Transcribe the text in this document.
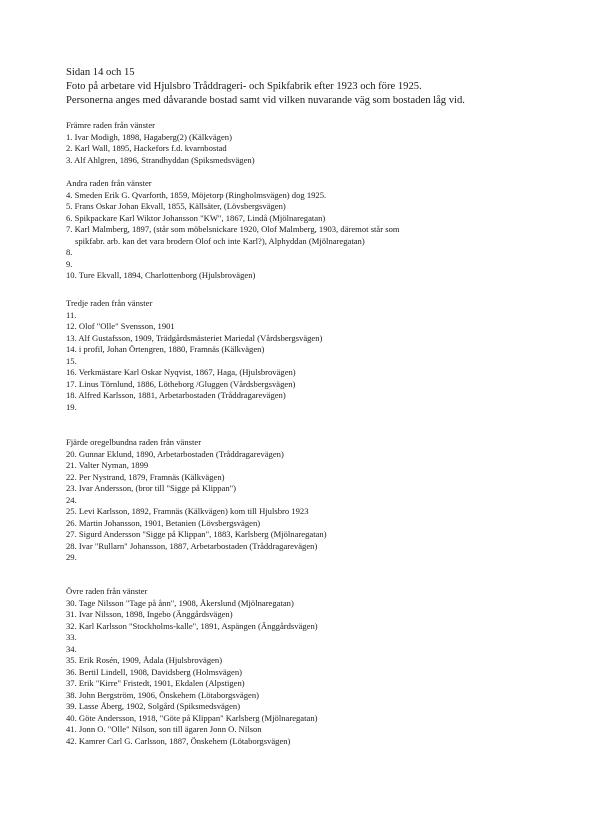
Sidan 14 och 15
Foto på arbetare vid Hjulsbro Tråddrageri- och Spikfabrik efter 1923 och före 1925.
Personerna anges med dåvarande bostad samt vid vilken nuvarande väg som bostaden låg vid.
Främre raden från vänster
1. Ivar Modigh, 1898, Hagaberg(2) (Kälkvägen)
2. Karl Wall, 1895, Hackefors f.d. kvarnbostad
3. Alf Ahlgren, 1896, Strandhyddan (Spiksmedsvägen)
Andra raden från vänster
4. Smeden Erik G. Qvarforth, 1859, Möjetorp (Ringholmsvägen) dog 1925.
5. Frans Oskar Johan Ekvall, 1855, Källsäter, (Lövsbergsvägen)
6. Spikpackare Karl Wiktor Johansson "KW", 1867, Lindå (Mjölnaregatan)
7. Karl Malmberg, 1897, (står som möbelsnickare 1920, Olof Malmberg, 1903, däremot står som
spikfabr. arb. kan det vara brodern Olof och inte Karl?), Alphyddan (Mjölnaregatan)
8.
9.
10. Ture Ekvall, 1894, Charlottenborg (Hjulsbrovägen)
Tredje raden från vänster
11.
12. Olof "Olle" Svensson, 1901
13. Alf Gustafsson, 1909, Trädgårdsmästeriet Mariedal (Vårdsbergsvägen)
14. i profil, Johan Örtengren, 1880, Framnäs (Kälkvägen)
15.
16. Verkmästare Karl Oskar Nyqvist, 1867, Haga, (Hjulsbrovägen)
17. Linus Törnlund, 1886, Lötheborg /Gluggen (Vårdsbergsvägen)
18. Alfred Karlsson, 1881, Arbetarbostaden (Tråddragarevägen)
19.
Fjärde oregelbundna raden från vänster
20. Gunnar Eklund, 1890, Arbetarbostaden (Tråddragarevägen)
21. Valter Nyman, 1899
22. Per Nystrand, 1879, Framnäs (Kälkvägen)
23. Ivar Andersson, (bror till "Sigge på Klippan")
24.
25. Levi Karlsson, 1892, Framnäs (Kälkvägen) kom till Hjulsbro 1923
26. Martin Johansson, 1901, Betanien (Lövsbergsvägen)
27. Sigurd Andersson "Sigge på Klippan", 1883, Karlsberg (Mjölnaregatan)
28. Ivar "Rullarn" Johansson, 1887, Arbetarbostaden (Tråddragarevägen)
29.
Övre raden från vänster
30. Tage Nilsson "Tage på ånn", 1908, Åkerslund (Mjölnaregatan)
31. Ivar Nilsson, 1898, Ingebo (Änggårdsvägen)
32. Karl Karlsson "Stockholms-kalle", 1891, Aspängen (Änggårdsvägen)
33.
34.
35. Erik Rosén, 1909, Ådala (Hjulsbrovägen)
36. Bertil Lindell, 1908, Davidsberg (Holmsvägen)
37. Erik "Kirre" Fristedt, 1901, Ekdalen (Alpstigen)
38. John Bergström, 1906, Önskehem (Lötaborgsvägen)
39. Lasse Åberg, 1902, Solgård (Spiksmedsvägen)
40. Göte Andersson, 1918, "Göte på Klippan" Karlsberg (Mjölnaregatan)
41. Jonn O. "Olle" Nilson, son till ägaren Jonn O. Nilson
42. Kamrer Carl G. Carlsson, 1887, Önskehem (Lötaborgsvägen)
